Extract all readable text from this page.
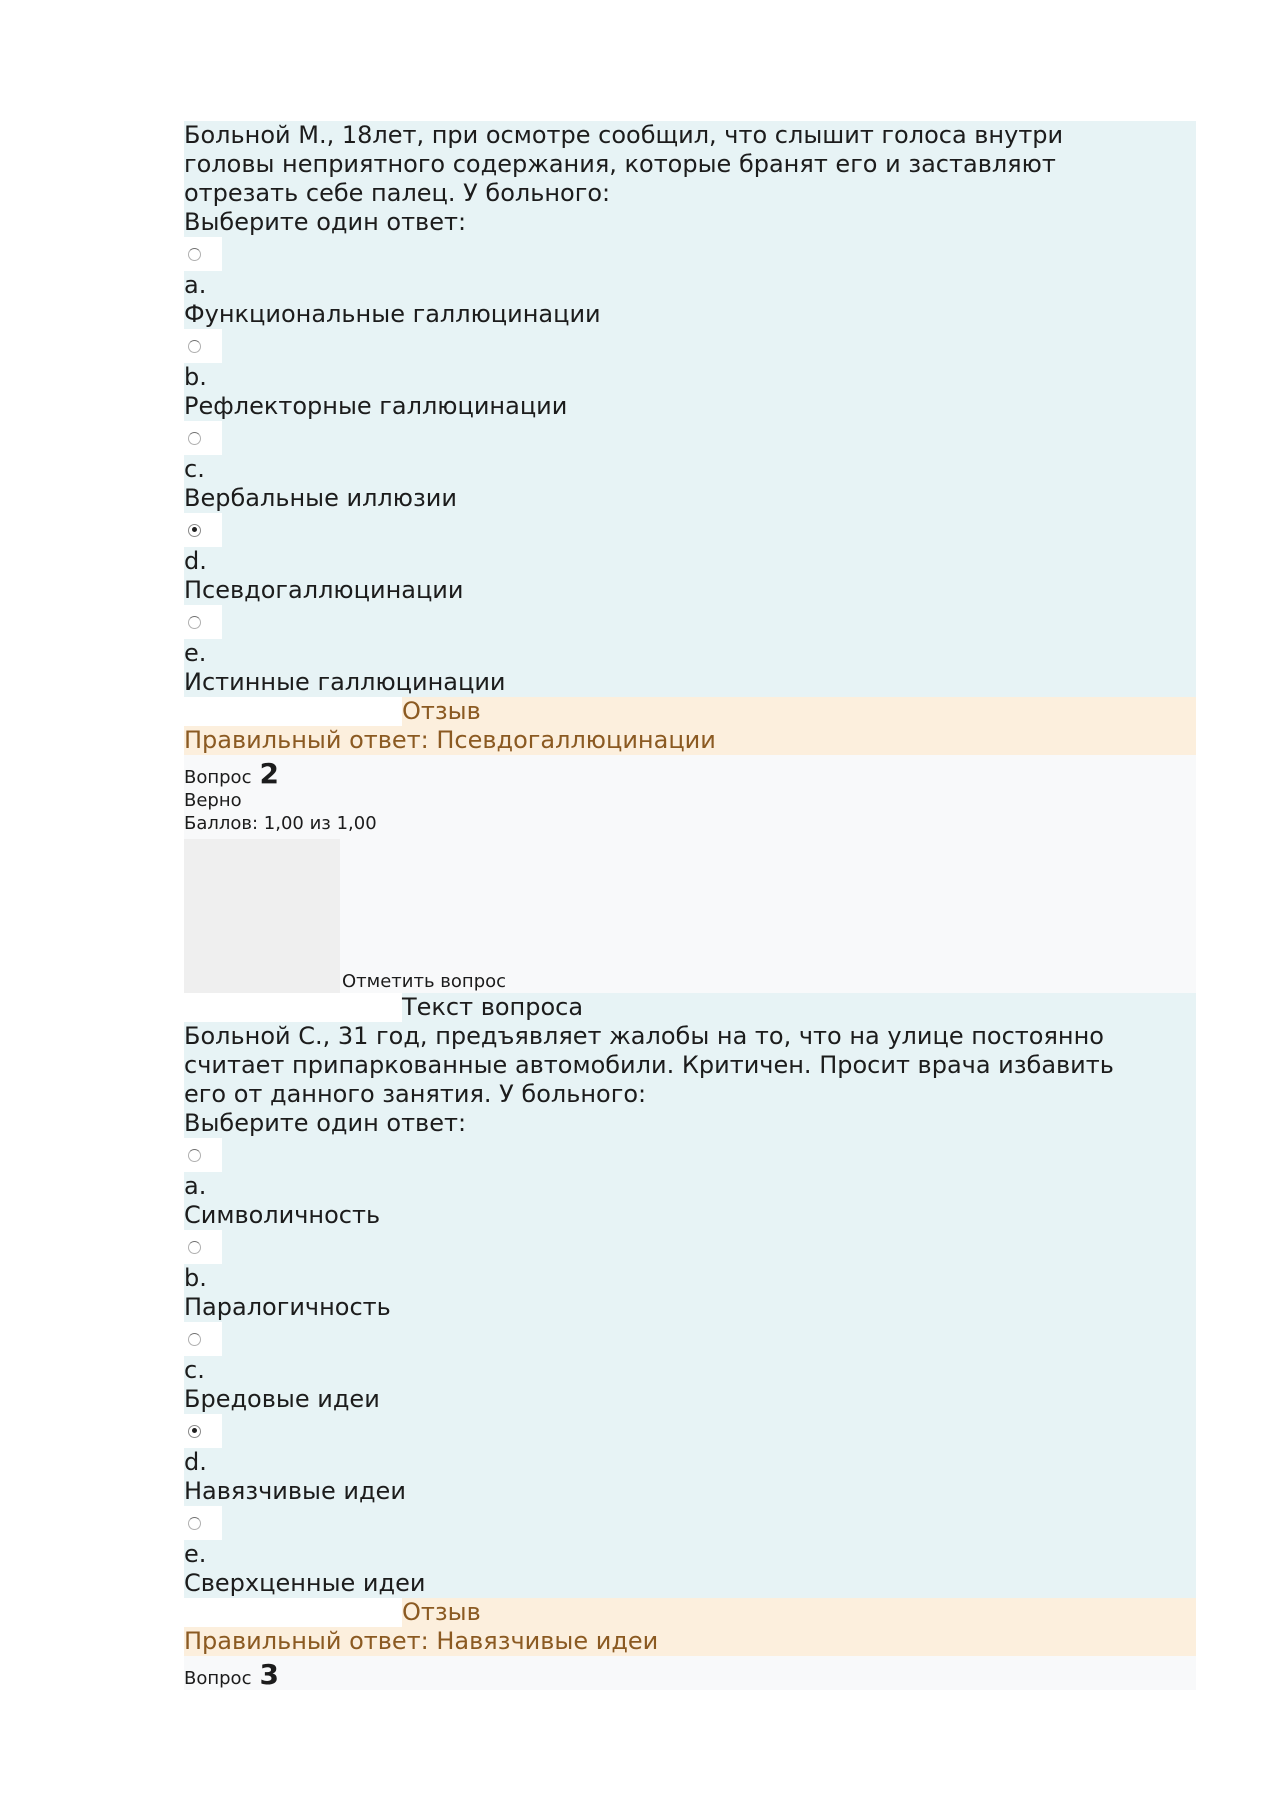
Больной М., 18лет, при осмотре сообщил, что слышит голоса внутри
головы неприятного содержания, которые бранят его и заставляют
отрезать себе палец. У больного:
Выберите один ответ:
a.
Функциональные галлюцинации
b.
Рефлекторные галлюцинации
c.
Вербальные иллюзии
d.
Псевдогаллюцинации
e.
Истинные галлюцинации
Отзыв
Правильный ответ: Псевдогаллюцинации
Вопрос 2
Верно
Баллов: 1,00 из 1,00
Отметить вопрос
Текст вопроса
Больной С., 31 год, предъявляет жалобы на то, что на улице постоянно
считает припаркованные автомобили. Критичен. Просит врача избавить
его от данного занятия. У больного:
Выберите один ответ:
a.
Символичность
b.
Паралогичность
c.
Бредовые идеи
d.
Навязчивые идеи
e.
Сверхценные идеи
Отзыв
Правильный ответ: Навязчивые идеи
Вопрос 3
